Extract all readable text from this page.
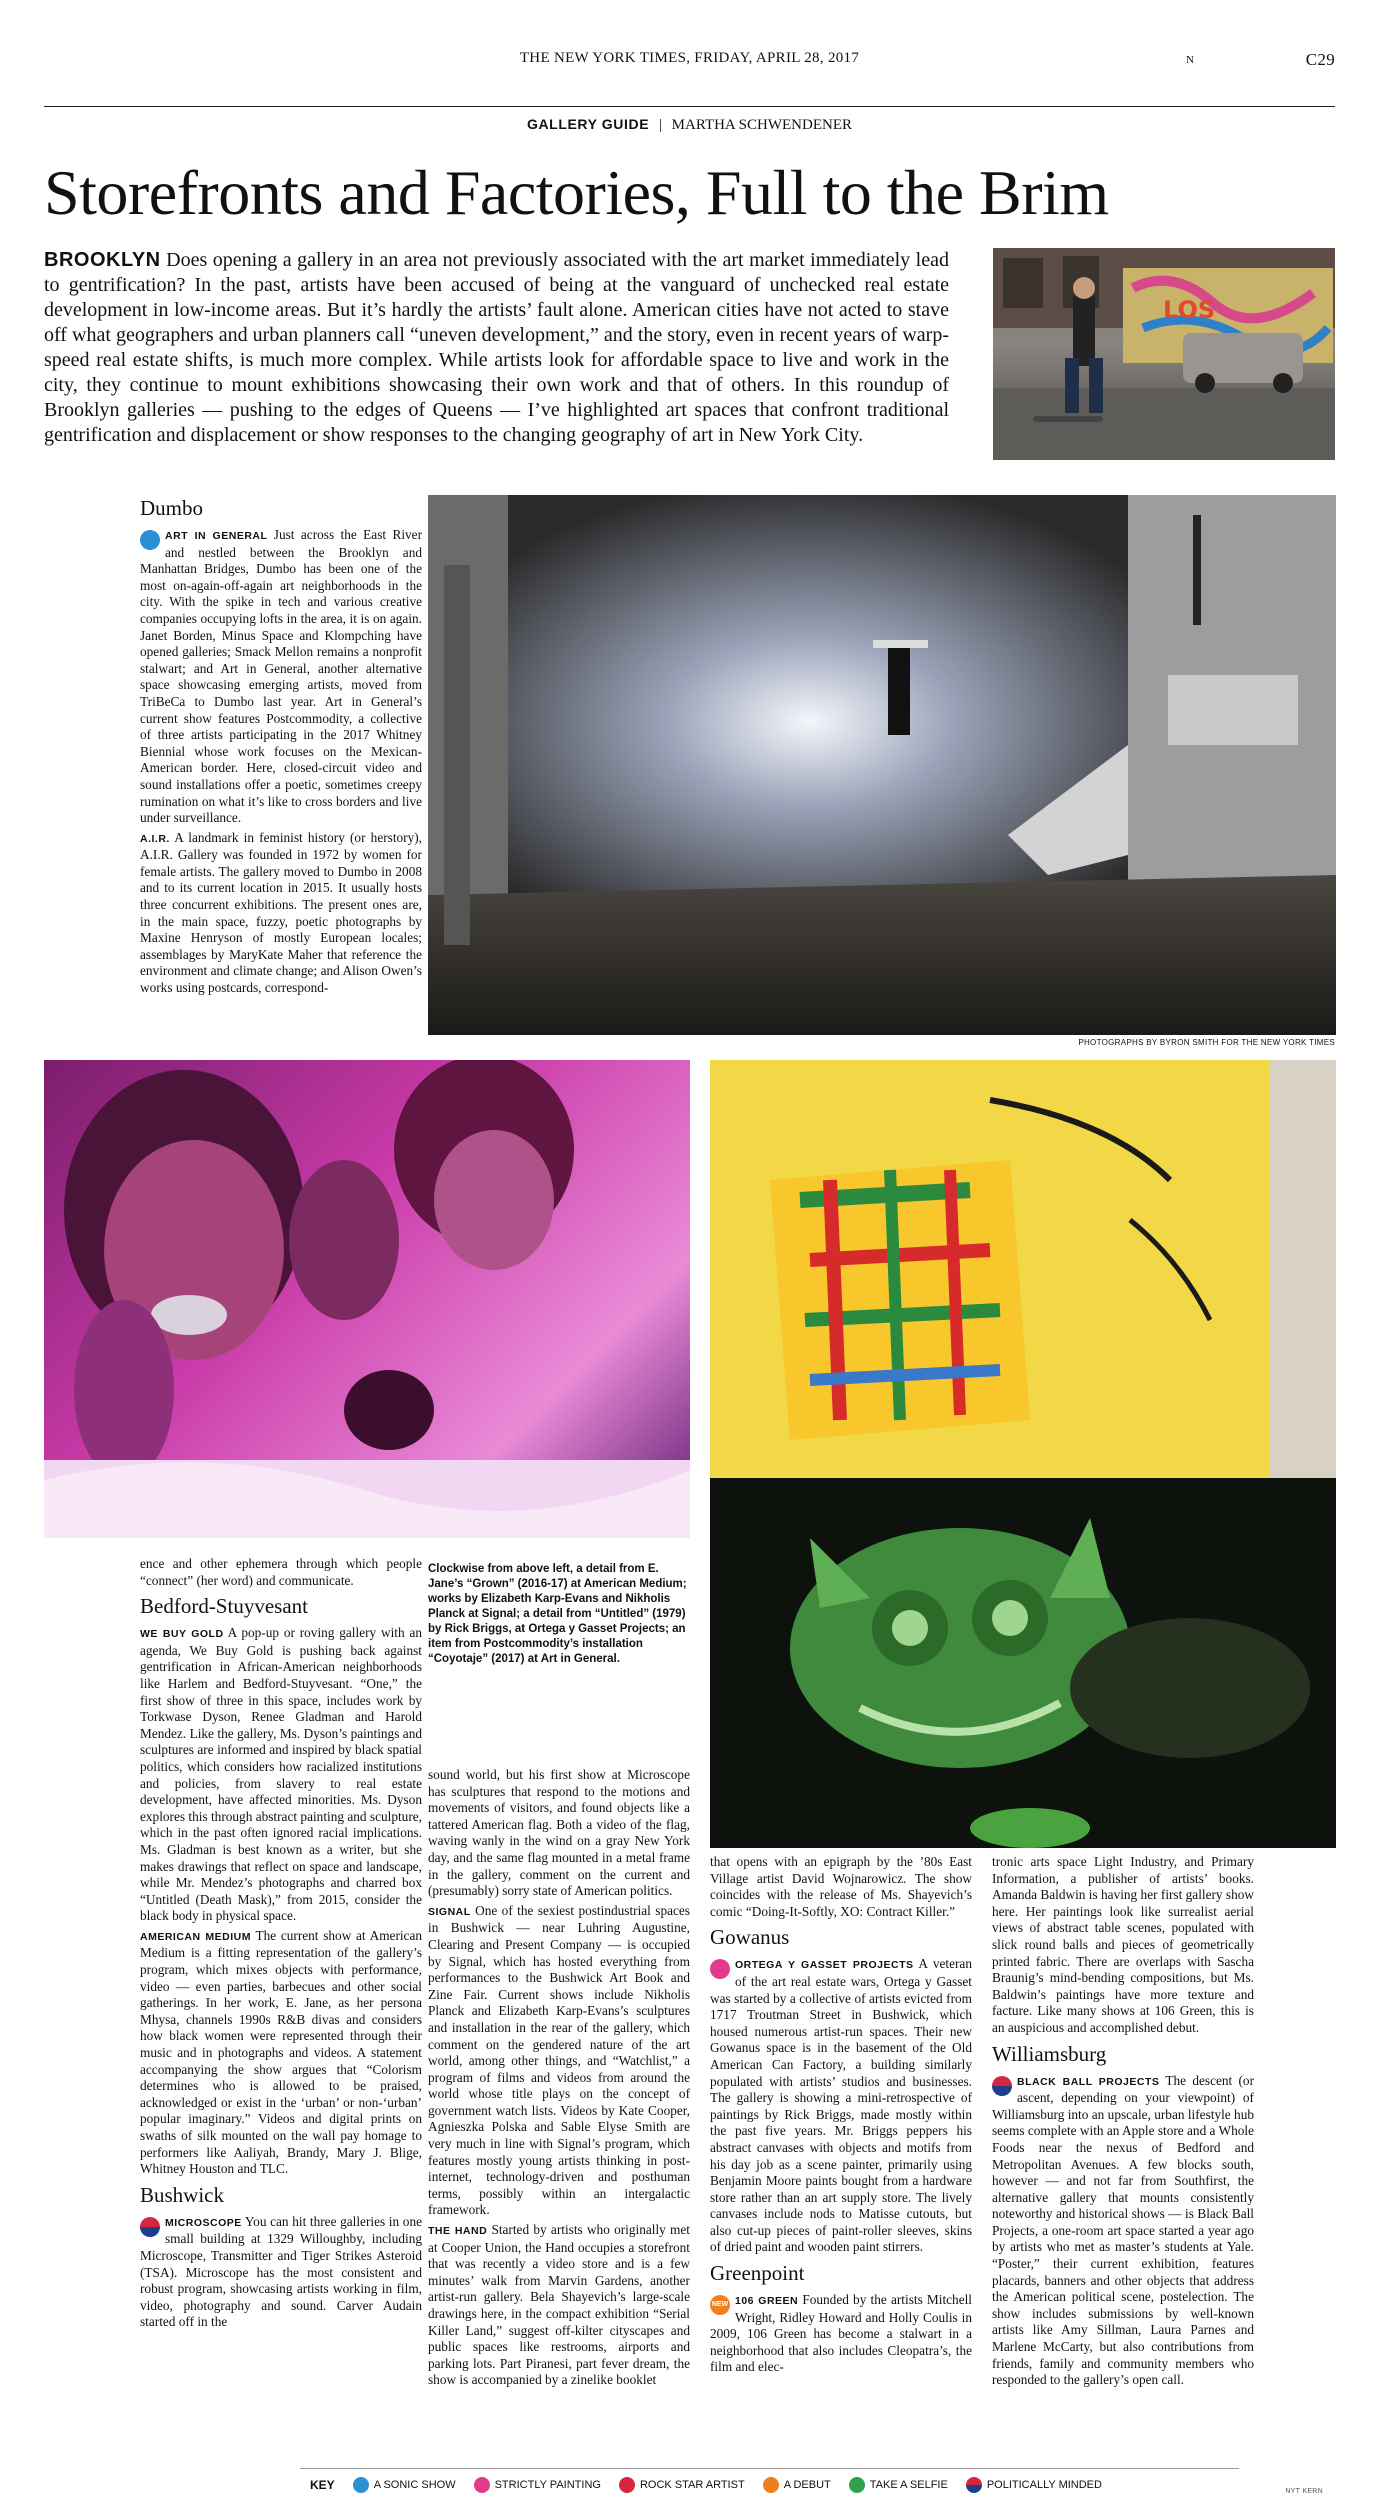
THE NEW YORK TIMES, FRIDAY, APRIL 28, 2017	N	C29
GALLERY GUIDE | MARTHA SCHWENDENER
Storefronts and Factories, Full to the Brim
BROOKLYN Does opening a gallery in an area not previously associated with the art market immediately lead to gentrification? In the past, artists have been accused of being at the vanguard of unchecked real estate development in low-income areas. But it’s hardly the artists’ fault alone. American cities have not acted to stave off what geographers and urban planners call “uneven development,” and the story, even in recent years of warp-speed real estate shifts, is much more complex. While artists look for affordable space to live and work in the city, they continue to mount exhibitions showcasing their own work and that of others. In this roundup of Brooklyn galleries — pushing to the edges of Queens — I’ve highlighted art spaces that confront traditional gentrification and displacement or show responses to the changing geography of art in New York City.
LOS
Dumbo

ART IN GENERAL Just across the East River and nestled between the Brooklyn and Manhattan Bridges, Dumbo has been one of the most on-again-off-again art neighborhoods in the city. With the spike in tech and various creative companies occupying lofts in the area, it is on again. Janet Borden, Minus Space and Klompching have opened galleries; Smack Mellon remains a nonprofit stalwart; and Art in General, another alternative space showcasing emerging artists, moved from TriBeCa to Dumbo last year. Art in General’s current show features Postcommodity, a collective of three artists participating in the 2017 Whitney Biennial whose work focuses on the Mexican-American border. Here, closed-circuit video and sound installations offer a poetic, sometimes creepy rumination on what it’s like to cross borders and live under surveillance.

A.I.R. A landmark in feminist history (or herstory), A.I.R. Gallery was founded in 1972 by women for female artists. The gallery moved to Dumbo in 2008 and to its current location in 2015. It usually hosts three concurrent exhibitions. The present ones are, in the main space, fuzzy, poetic photographs by Maxine Henryson of mostly European locales; assemblages by MaryKate Maher that reference the environment and climate change; and Alison Owen’s works using postcards, correspond-

PHOTOGRAPHS BY BYRON SMITH FOR THE NEW YORK TIMES
Clockwise from above left, a detail from E. Jane’s “Grown” (2016-17) at American Medium; works by Elizabeth Karp-Evans and Nikholis Planck at Signal; a detail from “Untitled” (1979) by Rick Briggs, at Ortega y Gasset Projects; an item from Postcommodity’s installation “Coyotaje” (2017) at Art in General.

ence and other ephemera through which people “connect” (her word) and communicate.

Bedford-Stuyvesant

WE BUY GOLD A pop-up or roving gallery with an agenda, We Buy Gold is pushing back against gentrification in African-American neighborhoods like Harlem and Bedford-Stuyvesant. “One,” the first show of three in this space, includes work by Torkwase Dyson, Renee Gladman and Harold Mendez. Like the gallery, Ms. Dyson’s paintings and sculptures are informed and inspired by black spatial politics, which considers how racialized institutions and policies, from slavery to real estate development, have affected minorities. Ms. Dyson explores this through abstract painting and sculpture, which in the past often ignored racial implications. Ms. Gladman is best known as a writer, but she makes drawings that reflect on space and landscape, while Mr. Mendez’s photographs and charred box “Untitled (Death Mask),” from 2015, consider the black body in physical space.

AMERICAN MEDIUM The current show at American Medium is a fitting representation of the gallery’s program, which mixes objects with performance, video — even parties, barbecues and other social gatherings. In her work, E. Jane, as her persona Mhysa, channels 1990s R&B divas and considers how black women were represented through their music and in photographs and videos. A statement accompanying the show argues that “Colorism determines who is allowed to be praised, acknowledged or exist in the ‘urban’ or non-‘urban’ popular imaginary.” Videos and digital prints on swaths of silk mounted on the wall pay homage to performers like Aaliyah, Brandy, Mary J. Blige, Whitney Houston and TLC.

Bushwick

MICROSCOPE You can hit three galleries in one small building at 1329 Willoughby, including Microscope, Transmitter and Tiger Strikes Asteroid (TSA). Microscope has the most consistent and robust program, showcasing artists working in film, video, photography and sound. Carver Audain started off in the

sound world, but his first show at Microscope has sculptures that respond to the motions and movements of visitors, and found objects like a tattered American flag. Both a video of the flag, waving wanly in the wind on a gray New York day, and the same flag mounted in a metal frame in the gallery, comment on the current and (presumably) sorry state of American politics.

SIGNAL One of the sexiest postindustrial spaces in Bushwick — near Luhring Augustine, Clearing and Present Company — is occupied by Signal, which has hosted everything from performances to the Bushwick Art Book and Zine Fair. Current shows include Nikholis Planck and Elizabeth Karp-Evans’s sculptures and installation in the rear of the gallery, which comment on the gendered nature of the art world, among other things, and “Watchlist,” a program of films and videos from around the world whose title plays on the concept of government watch lists. Videos by Kate Cooper, Agnieszka Polska and Sable Elyse Smith are very much in line with Signal’s program, which features mostly young artists thinking in post-internet, technology-driven and posthuman terms, possibly within an intergalactic framework.

THE HAND Started by artists who originally met at Cooper Union, the Hand occupies a storefront that was recently a video store and is a few minutes’ walk from Marvin Gardens, another artist-run gallery. Bela Shayevich’s large-scale drawings here, in the compact exhibition “Serial Killer Land,” suggest off-kilter cityscapes and public spaces like restrooms, airports and parking lots. Part Piranesi, part fever dream, the show is accompanied by a zinelike booklet

that opens with an epigraph by the ’80s East Village artist David Wojnarowicz. The show coincides with the release of Ms. Shayevich’s comic “Doing-It-Softly, XO: Contract Killer.”

Gowanus

ORTEGA Y GASSET PROJECTS A veteran of the art real estate wars, Ortega y Gasset was started by a collective of artists evicted from 1717 Troutman Street in Bushwick, which housed numerous artist-run spaces. Their new Gowanus space is in the basement of the Old American Can Factory, a building similarly populated with artists’ studios and businesses. The gallery is showing a mini-retrospective of paintings by Rick Briggs, made mostly within the past five years. Mr. Briggs peppers his abstract canvases with objects and motifs from his day job as a scene painter, primarily using Benjamin Moore paints bought from a hardware store rather than an art supply store. The lively canvases include nods to Matisse cutouts, but also cut-up pieces of paint-roller sleeves, skins of dried paint and wooden paint stirrers.

Greenpoint

NEW 106 GREEN Founded by the artists Mitchell Wright, Ridley Howard and Holly Coulis in 2009, 106 Green has become a stalwart in a neighborhood that also includes Cleopatra’s, the film and elec-

tronic arts space Light Industry, and Primary Information, a publisher of artists’ books. Amanda Baldwin is having her first gallery show here. Her paintings look like surrealist aerial views of abstract table scenes, populated with slick round balls and pieces of geometrically printed fabric. There are overlaps with Sascha Braunig’s mind-bending compositions, but Ms. Baldwin’s paintings have more texture and facture. Like many shows at 106 Green, this is an auspicious and accomplished debut.

Williamsburg

BLACK BALL PROJECTS The descent (or ascent, depending on your viewpoint) of Williamsburg into an upscale, urban lifestyle hub seems complete with an Apple store and a Whole Foods near the nexus of Bedford and Metropolitan Avenues. A few blocks south, however — and not far from Southfirst, the alternative gallery that mounts consistently noteworthy and historical shows — is Black Ball Projects, a one-room art space started a year ago by artists who met as master’s students at Yale. “Poster,” their current exhibition, features placards, banners and other objects that address the American political scene, postelection. The show includes submissions by well-known artists like Amy Sillman, Laura Parnes and Marlene McCarty, but also contributions from friends, family and community members who responded to the gallery’s open call.

KEY	A SONIC SHOW	STRICTLY PAINTING	ROCK STAR ARTIST	A DEBUT	TAKE A SELFIE	POLITICALLY MINDED
NYT KERN
